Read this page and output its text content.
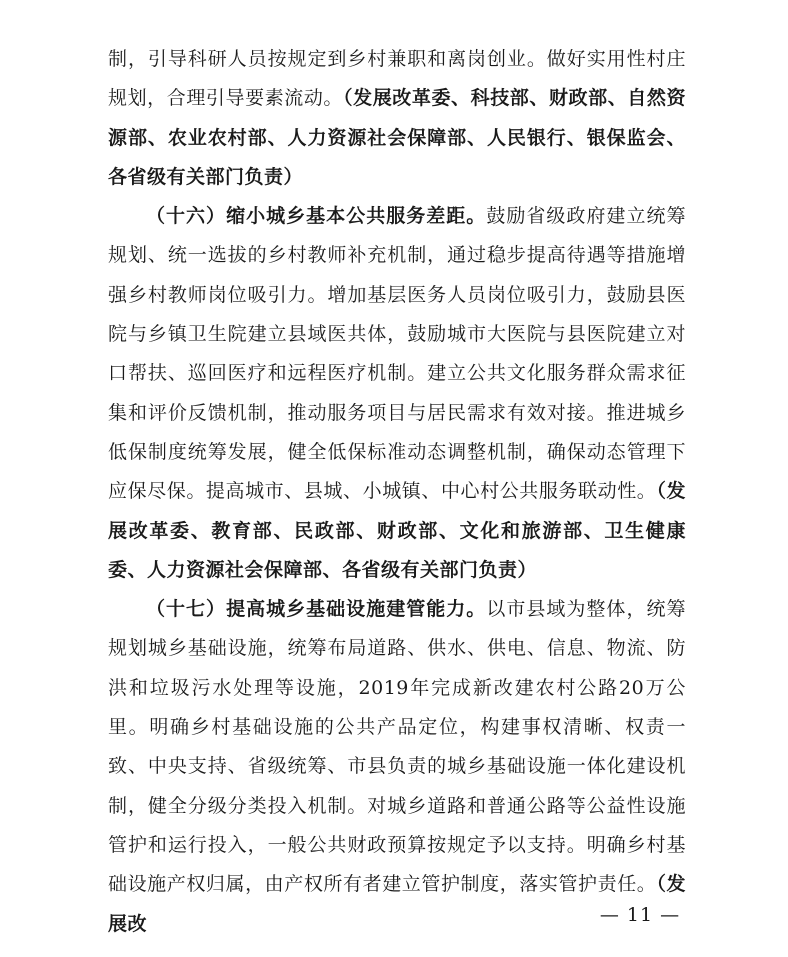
制，引导科研人员按规定到乡村兼职和离岗创业。做好实用性村庄规划，合理引导要素流动。（发展改革委、科技部、财政部、自然资源部、农业农村部、人力资源社会保障部、人民银行、银保监会、各省级有关部门负责）

（十六）缩小城乡基本公共服务差距。鼓励省级政府建立统筹规划、统一选拔的乡村教师补充机制，通过稳步提高待遇等措施增强乡村教师岗位吸引力。增加基层医务人员岗位吸引力，鼓励县医院与乡镇卫生院建立县域医共体，鼓励城市大医院与县医院建立对口帮扶、巡回医疗和远程医疗机制。建立公共文化服务群众需求征集和评价反馈机制，推动服务项目与居民需求有效对接。推进城乡低保制度统筹发展，健全低保标准动态调整机制，确保动态管理下应保尽保。提高城市、县城、小城镇、中心村公共服务联动性。（发展改革委、教育部、民政部、财政部、文化和旅游部、卫生健康委、人力资源社会保障部、各省级有关部门负责）

（十七）提高城乡基础设施建管能力。以市县域为整体，统筹规划城乡基础设施，统筹布局道路、供水、供电、信息、物流、防洪和垃圾污水处理等设施，2019年完成新改建农村公路20万公里。明确乡村基础设施的公共产品定位，构建事权清晰、权责一致、中央支持、省级统筹、市县负责的城乡基础设施一体化建设机制，健全分级分类投入机制。对城乡道路和普通公路等公益性设施管护和运行投入，一般公共财政预算按规定予以支持。明确乡村基础设施产权归属，由产权所有者建立管护制度，落实管护责任。（发展改	— 11 —
